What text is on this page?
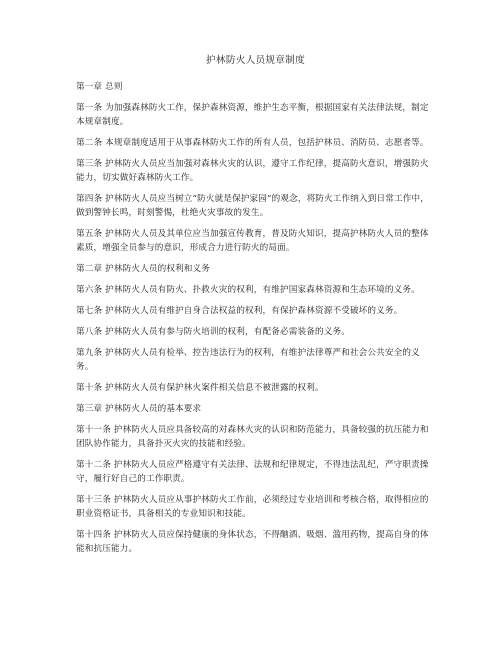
护林防火人员规章制度

第一章 总则

第一条 为加强森林防火工作，保护森林资源，维护生态平衡，根据国家有关法律法规，制定本规章制度。

第二条 本规章制度适用于从事森林防火工作的所有人员，包括护林员、消防员、志愿者等。

第三条 护林防火人员应当加强对森林火灾的认识，遵守工作纪律，提高防火意识，增强防火能力，切实做好森林防火工作。

第四条 护林防火人员应当树立“防火就是保护家园”的观念，将防火工作纳入到日常工作中，做到警钟长鸣，时刻警惕，杜绝火灾事故的发生。

第五条 护林防火人员及其单位应当加强宣传教育，普及防火知识，提高护林防火人员的整体素质，增强全员参与的意识，形成合力进行防火的局面。

第二章 护林防火人员的权利和义务

第六条 护林防火人员有防火、扑救火灾的权利，有维护国家森林资源和生态环境的义务。

第七条 护林防火人员有维护自身合法权益的权利，有保护森林资源不受破坏的义务。

第八条 护林防火人员有参与防火培训的权利，有配备必需装备的义务。

第九条 护林防火人员有检举、控告违法行为的权利，有维护法律尊严和社会公共安全的义务。

第十条 护林防火人员有保护林火案件相关信息不被泄露的权利。

第三章 护林防火人员的基本要求

第十一条 护林防火人员应具备较高的对森林火灾的认识和防范能力，具备较强的抗压能力和团队协作能力，具备扑灭火灾的技能和经验。

第十二条 护林防火人员应严格遵守有关法律、法规和纪律规定，不得违法乱纪，严守职责操守，履行好自己的工作职责。

第十三条 护林防火人员应从事护林防火工作前，必须经过专业培训和考核合格，取得相应的职业资格证书，具备相关的专业知识和技能。

第十四条 护林防火人员应保持健康的身体状态，不得酗酒、吸烟、滥用药物，提高自身的体能和抗压能力。
